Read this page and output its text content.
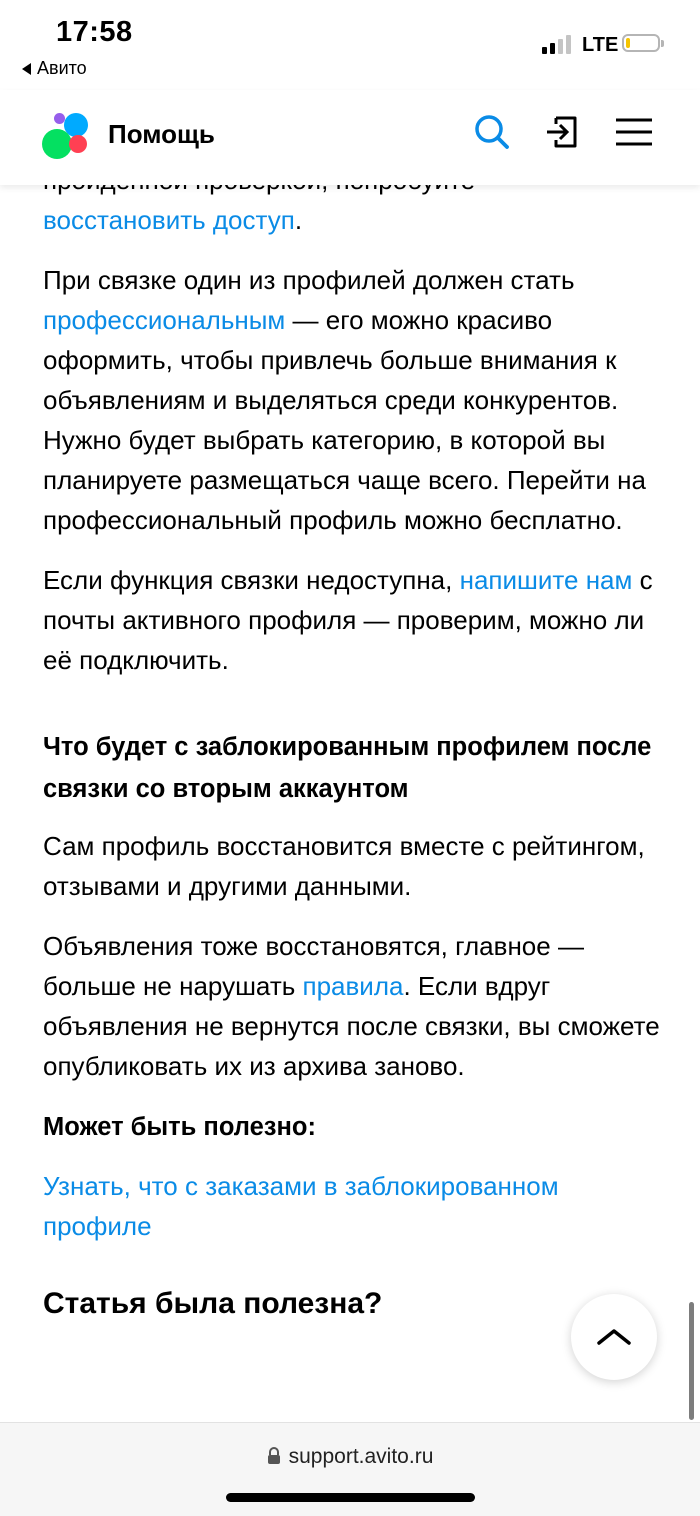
17:58
Авито
LTE
Помощь

восстановить доступ.

При связке один из профилей должен стать профессиональным — его можно красиво оформить, чтобы привлечь больше внимания к объявлениям и выделяться среди конкурентов. Нужно будет выбрать категорию, в которой вы планируете размещаться чаще всего. Перейти на профессиональный профиль можно бесплатно.

Если функция связки недоступна, напишите нам с почты активного профиля — проверим, можно ли её подключить.

Что будет с заблокированным профилем после связки со вторым аккаунтом

Сам профиль восстановится вместе с рейтингом, отзывами и другими данными.

Объявления тоже восстановятся, главное — больше не нарушать правила. Если вдруг объявления не вернутся после связки, вы сможете опубликовать их из архива заново.

Может быть полезно:

Узнать, что с заказами в заблокированном профиле

Статья была полезна?

support.avito.ru
